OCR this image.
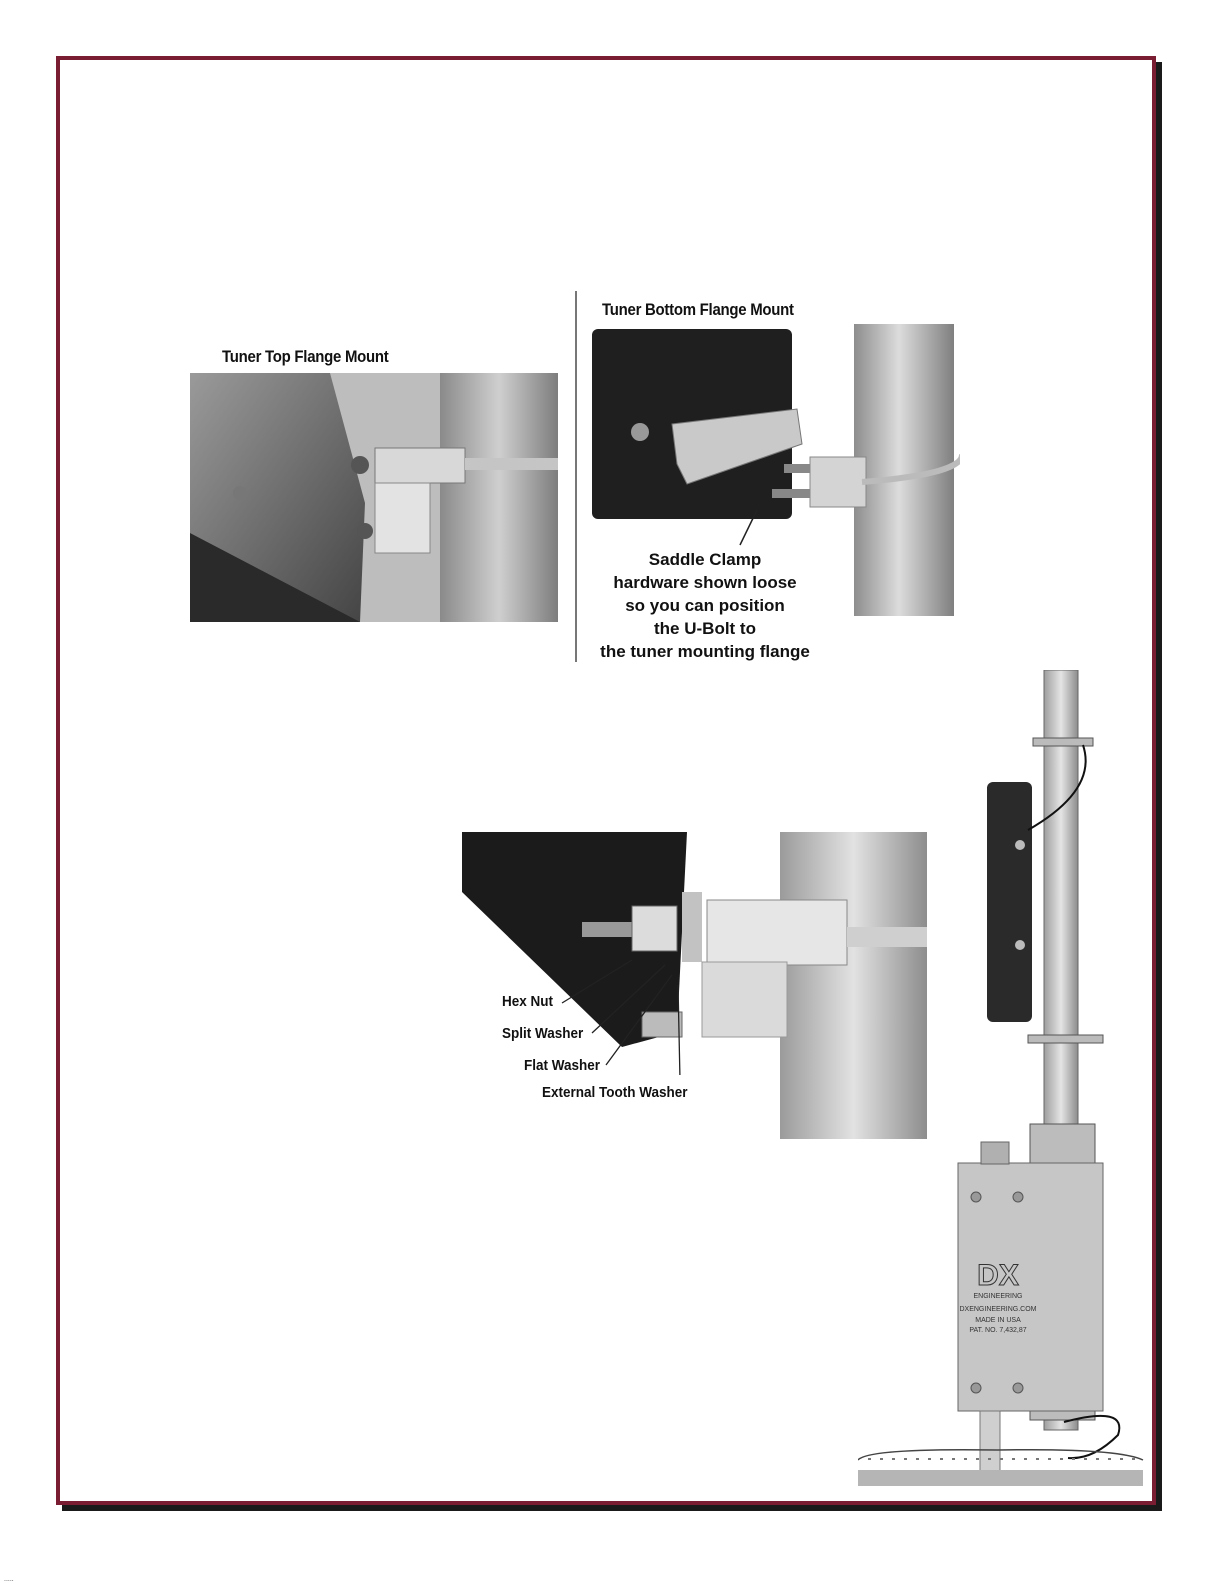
Tuner Top Flange Mount
Tuner Bottom Flange Mount
Saddle Clamp
hardware shown loose
so you can position
the U-Bolt to
the tuner mounting flange
Hex Nut
Split Washer
Flat Washer
External Tooth Washer
DX
ENGINEERING
DXENGINEERING.COM
MADE IN USA
PAT. NO. 7,432,87
.....
